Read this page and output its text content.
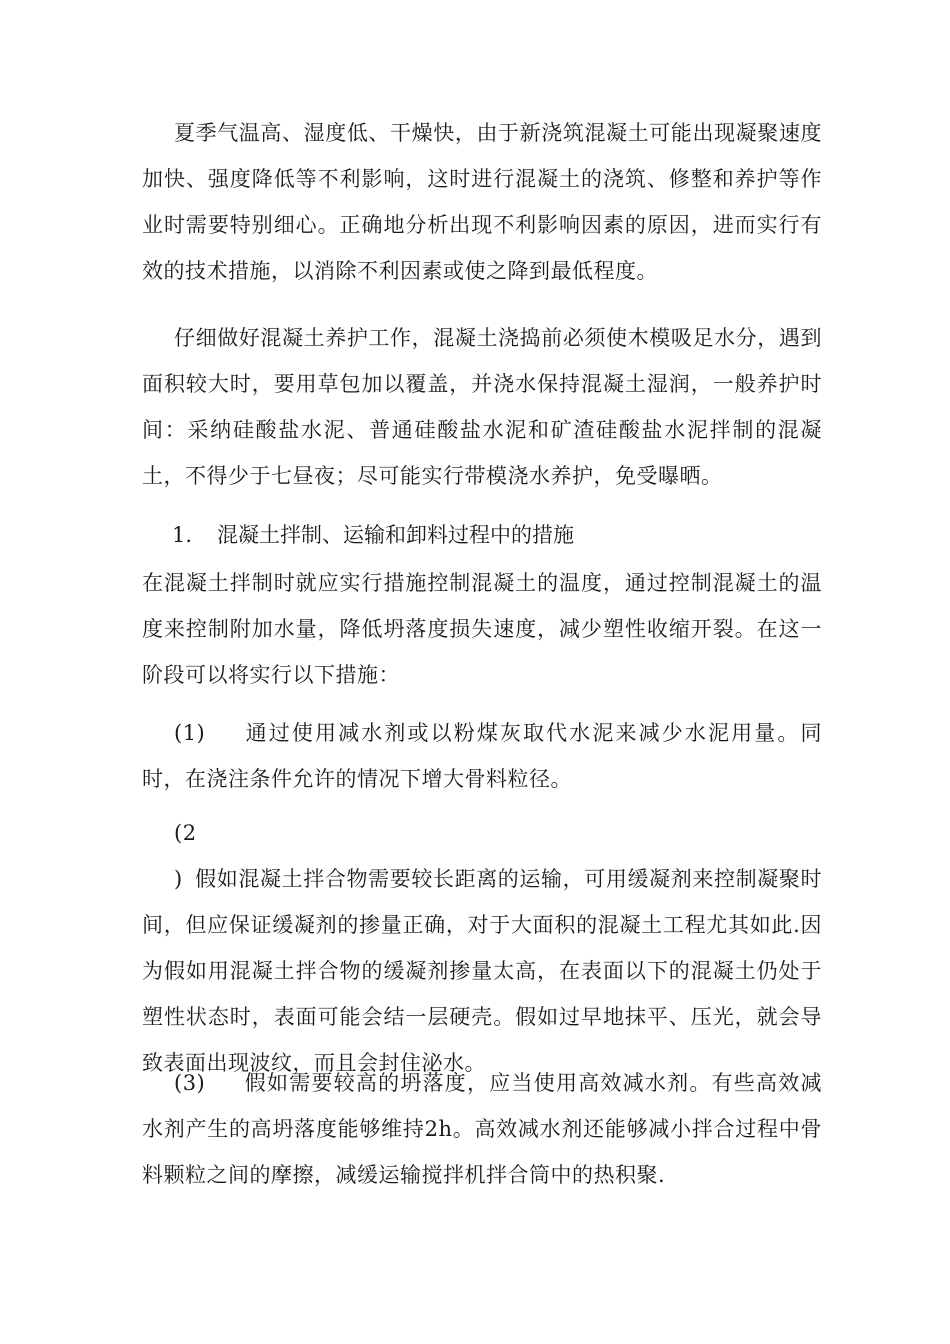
夏季气温高、湿度低、干燥快，由于新浇筑混凝土可能出现凝聚速度加快、强度降低等不利影响，这时进行混凝土的浇筑、修整和养护等作业时需要特别细心。正确地分析出现不利影响因素的原因，进而实行有效的技术措施，以消除不利因素或使之降到最低程度。

仔细做好混凝土养护工作，混凝土浇捣前必须使木模吸足水分，遇到面积较大时，要用草包加以覆盖，并浇水保持混凝土湿润，一般养护时间：采纳硅酸盐水泥、普通硅酸盐水泥和矿渣硅酸盐水泥拌制的混凝土，不得少于七昼夜；尽可能实行带模浇水养护，免受曝晒。

1. 混凝土拌制、运输和卸料过程中的措施

在混凝土拌制时就应实行措施控制混凝土的温度，通过控制混凝土的温度来控制附加水量，降低坍落度损失速度，减少塑性收缩开裂。在这一阶段可以将实行以下措施：

(1) 通过使用减水剂或以粉煤灰取代水泥来减少水泥用量。同时，在浇注条件允许的情况下增大骨料粒径。

(2 ) 假如混凝土拌合物需要较长距离的运输，可用缓凝剂来控制凝聚时间，但应保证缓凝剂的掺量正确，对于大面积的混凝土工程尤其如此.因为假如用混凝土拌合物的缓凝剂掺量太高，在表面以下的混凝土仍处于塑性状态时，表面可能会结一层硬壳。假如过早地抹平、压光，就会导致表面出现波纹，而且会封住泌水。

(3) 假如需要较高的坍落度，应当使用高效减水剂。有些高效减水剂产生的高坍落度能够维持2h。高效减水剂还能够减小拌合过程中骨料颗粒之间的摩擦，减缓运输搅拌机拌合筒中的热积聚.
